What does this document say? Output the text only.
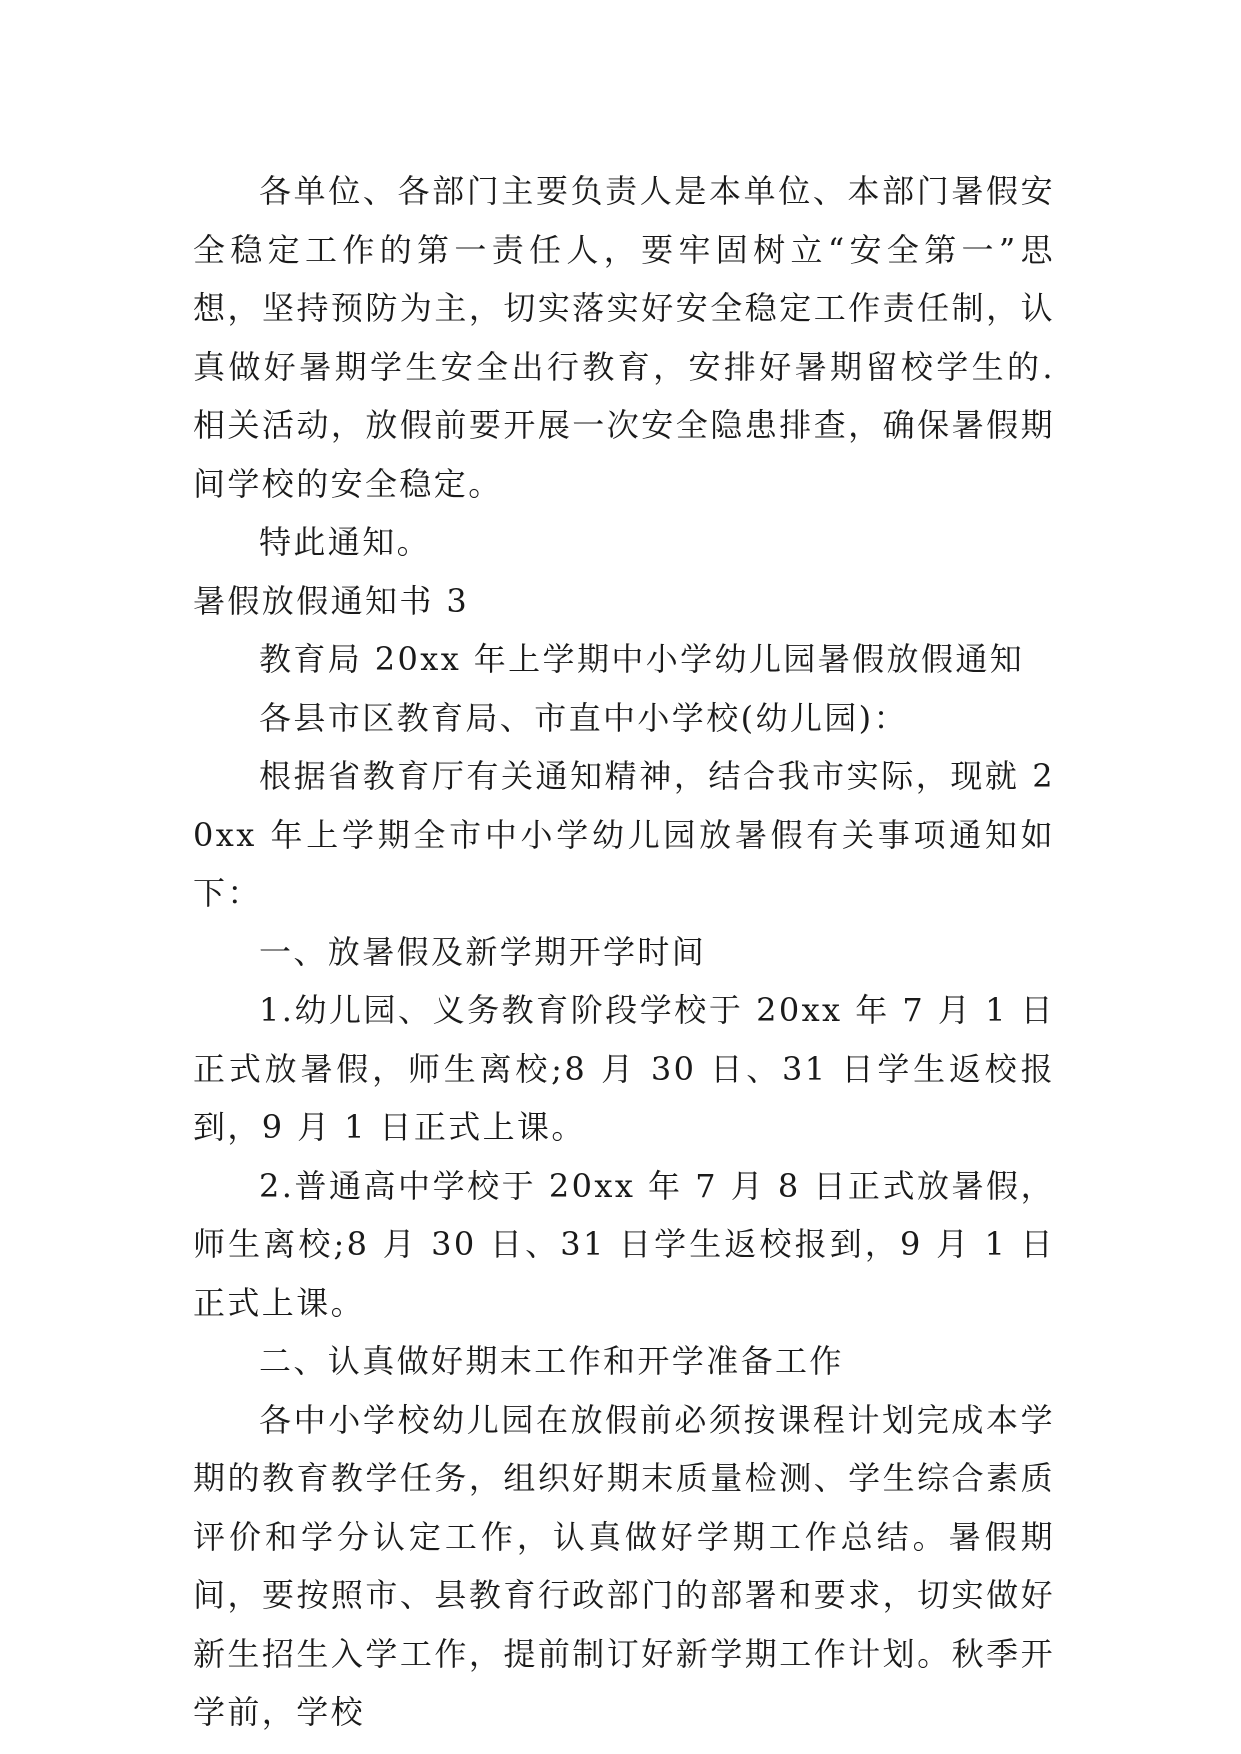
各单位、各部门主要负责人是本单位、本部门暑假安全稳定工作的第一责任人，要牢固树立“安全第一”思想，坚持预防为主，切实落实好安全稳定工作责任制，认真做好暑期学生安全出行教育，安排好暑期留校学生的.相关活动，放假前要开展一次安全隐患排查，确保暑假期间学校的安全稳定。

特此通知。

暑假放假通知书 3

教育局 20xx 年上学期中小学幼儿园暑假放假通知

各县市区教育局、市直中小学校(幼儿园)：

根据省教育厅有关通知精神，结合我市实际，现就 20xx 年上学期全市中小学幼儿园放暑假有关事项通知如下：

一、放暑假及新学期开学时间

1.幼儿园、义务教育阶段学校于 20xx 年 7 月 1 日正式放暑假，师生离校;8 月 30 日、31 日学生返校报到，9 月 1 日正式上课。

2.普通高中学校于 20xx 年 7 月 8 日正式放暑假，师生离校;8 月 30 日、31 日学生返校报到，9 月 1 日正式上课。

二、认真做好期末工作和开学准备工作

各中小学校幼儿园在放假前必须按课程计划完成本学期的教育教学任务，组织好期末质量检测、学生综合素质评价和学分认定工作，认真做好学期工作总结。暑假期间，要按照市、县教育行政部门的部署和要求，切实做好新生招生入学工作，提前制订好新学期工作计划。秋季开学前，学校
